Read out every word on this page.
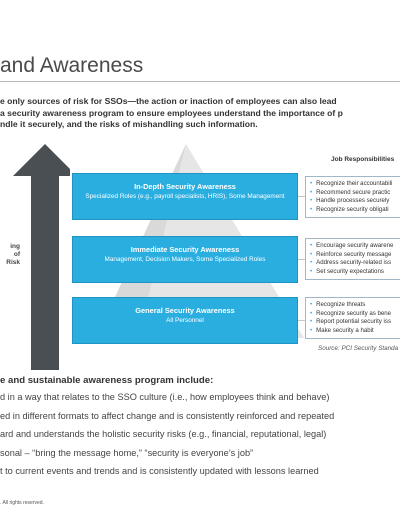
and Awareness
e only sources of risk for SSOs—the action or inaction of employees can also lead
a security awareness program to ensure employees understand the importance of p
ndle it securely, and the risks of mishandling such information.
ing
of
Risk
In-Depth Security Awareness
Specialized Roles (e.g., payroll specialists, HRIS), Some Management
Immediate Security Awareness
Management, Decision Makers, Some Specialized Roles
General Security Awareness
All Personnel
Job Responsibilities
• Recognize their accountabili
• Recommend secure practic
• Handle processes securely
• Recognize security obligati
• Encourage security awarene
• Reinforce security message
• Address security-related iss
• Set security expectations
• Recognize threats
• Recognize security as bene
• Report potential security iss
• Make security a habit
Source: PCI Security Standa
e and sustainable awareness program include:
d in a way that relates to the SSO culture (i.e., how employees think and behave)
ed in different formats to affect change and is consistently reinforced and repeated
ard and understands the holistic security risks (e.g., financial, reputational, legal)
sonal – “bring the message home,” “security is everyone’s job”
t to current events and trends and is consistently updated with lessons learned
. All rights reserved.
